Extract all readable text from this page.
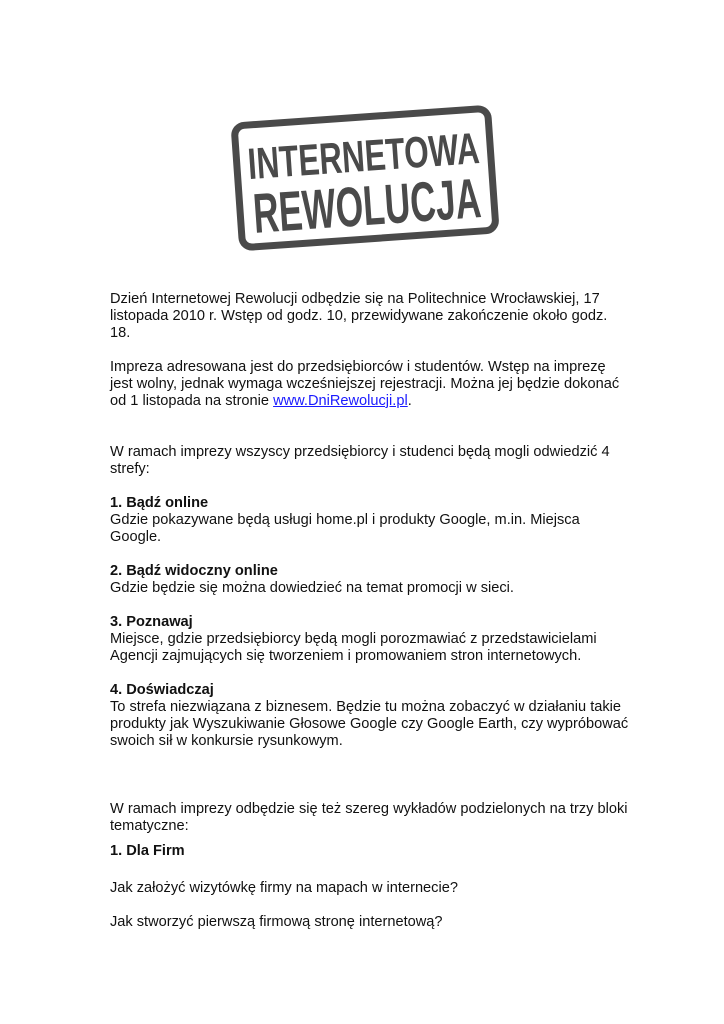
INTERNETOWA
REWOLUCJA

Dzień Internetowej Rewolucji odbędzie się na Politechnice Wrocławskiej, 17 listopada 2010 r. Wstęp od godz. 10, przewidywane zakończenie około godz. 18.

Impreza adresowana jest do przedsiębiorców i studentów. Wstęp na imprezę jest wolny, jednak wymaga wcześniejszej rejestracji. Można jej będzie dokonać od 1 listopada na stronie www.DniRewolucji.pl.

W ramach imprezy wszyscy przedsiębiorcy i studenci będą mogli odwiedzić 4 strefy:

1. Bądź online

Gdzie pokazywane będą usługi home.pl i produkty Google, m.in. Miejsca Google.

2. Bądź widoczny online

Gdzie będzie się można dowiedzieć na temat promocji w sieci.

3. Poznawaj

Miejsce, gdzie przedsiębiorcy będą mogli porozmawiać z przedstawicielami Agencji zajmujących się tworzeniem i promowaniem stron internetowych.

4. Doświadczaj

To strefa niezwiązana z biznesem. Będzie tu można zobaczyć w działaniu takie produkty jak Wyszukiwanie Głosowe Google czy Google Earth, czy wypróbować swoich sił w konkursie rysunkowym.

W ramach imprezy odbędzie się też szereg wykładów podzielonych na trzy bloki tematyczne:

1. Dla Firm

Jak założyć wizytówkę firmy na mapach w internecie?

Jak stworzyć pierwszą firmową stronę internetową?
